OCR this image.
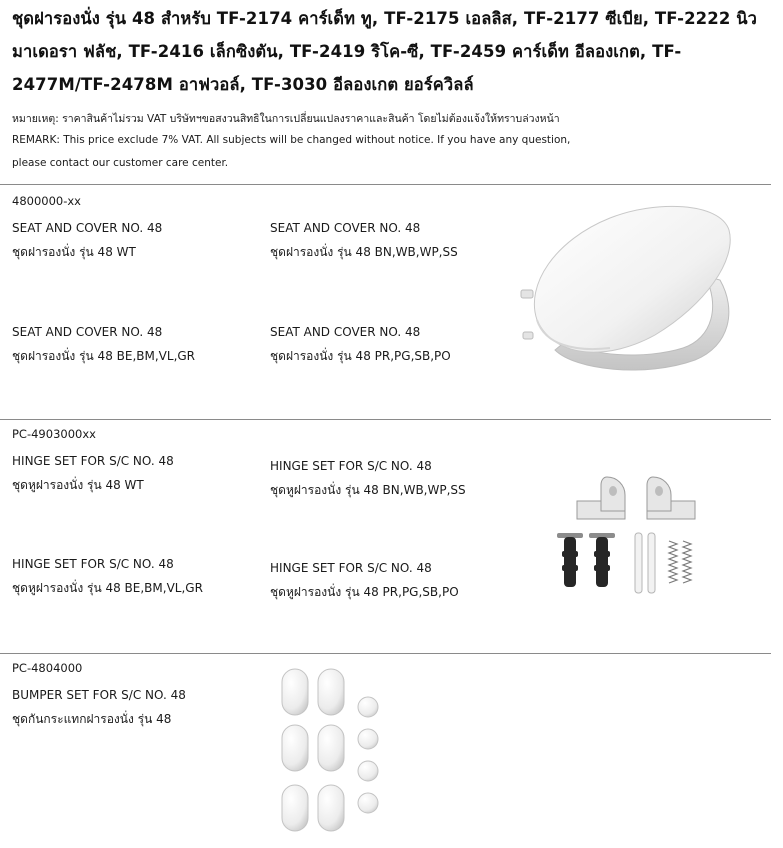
ชุดฝารองนั่ง รุ่น 48 สำหรับ TF-2174 คาร์เด็ท ทู, TF-2175 เอลลิส, TF-2177 ซีเบีย, TF-2222 นิวมาเดอรา ฟลัช, TF-2416 เล็กซิงตัน, TF-2419 ริโค-ซี, TF-2459 คาร์เด็ท อีลองเกต, TF-2477M/TF-2478M อาฟวอล์, TF-3030 อีลองเกต ยอร์ควิลล์
หมายเหตุ: ราคาสินค้าไม่รวม VAT บริษัทฯขอสงวนสิทธิในการเปลี่ยนแปลงราคาและสินค้า โดยไม่ต้องแจ้งให้ทราบล่วงหน้า
REMARK: This price exclude 7% VAT. All subjects will be changed without notice. If you have any question,
please contact our customer care center.
4800000-xx
SEAT AND COVER NO. 48
ชุดฝารองนั่ง รุ่น 48 WT
SEAT AND COVER NO. 48
ชุดฝารองนั่ง รุ่น 48 BN,WB,WP,SS
SEAT AND COVER NO. 48
ชุดฝารองนั่ง รุ่น 48 BE,BM,VL,GR
SEAT AND COVER NO. 48
ชุดฝารองนั่ง รุ่น 48 PR,PG,SB,PO
PC-4903000xx
HINGE SET FOR S/C NO. 48
ชุดหูฝารองนั่ง รุ่น 48 WT
HINGE SET FOR S/C NO. 48
ชุดหูฝารองนั่ง รุ่น 48 BN,WB,WP,SS
HINGE SET FOR S/C NO. 48
ชุดหูฝารองนั่ง รุ่น 48 BE,BM,VL,GR
HINGE SET FOR S/C NO. 48
ชุดหูฝารองนั่ง รุ่น 48 PR,PG,SB,PO
PC-4804000
BUMPER SET FOR S/C NO. 48
ชุดกันกระแทกฝารองนั่ง รุ่น 48
